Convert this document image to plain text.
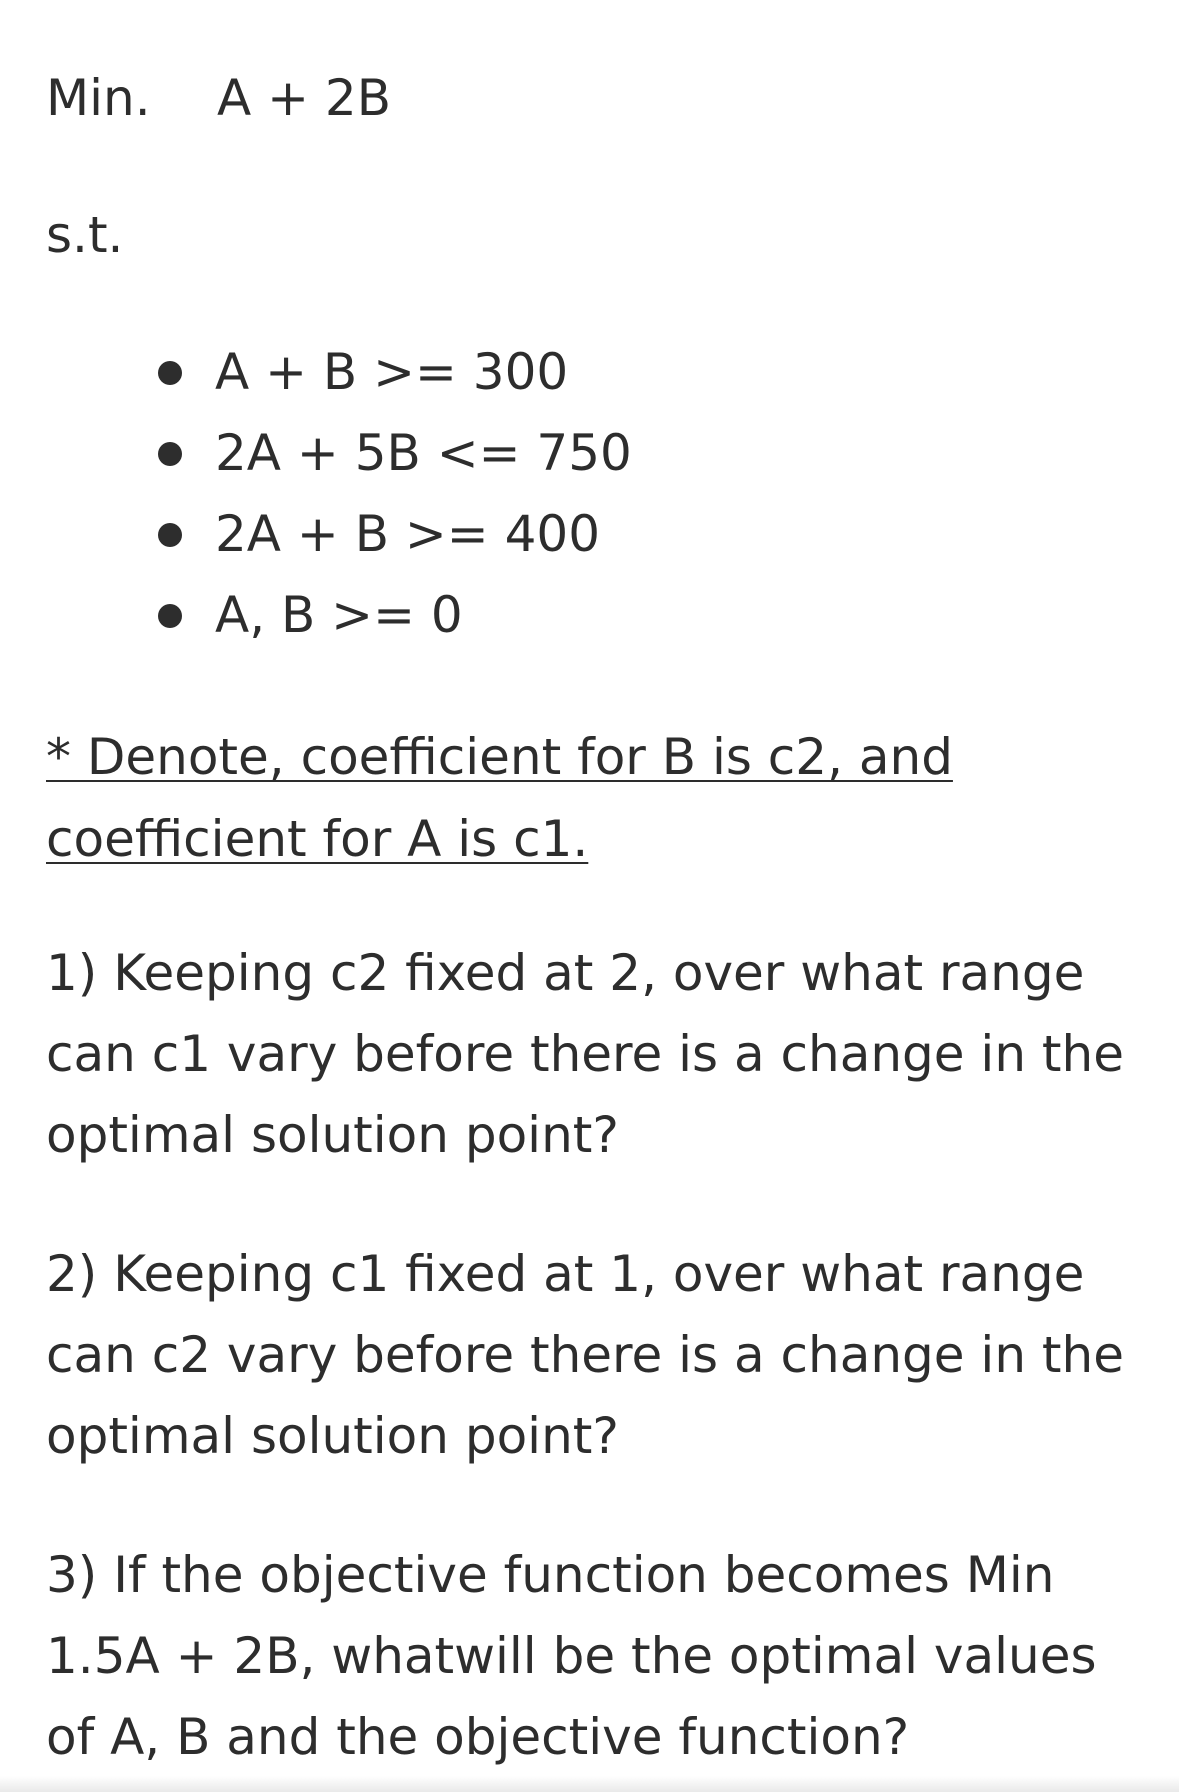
Min. A + 2B
s.t.
A + B >= 300
2A + 5B <= 750
2A + B >= 400
A, B >= 0
* Denote, coefficient for B is c2, and
coefficient for A is c1.
1) Keeping c2 fixed at 2, over what range
can c1 vary before there is a change in the
optimal solution point?
2) Keeping c1 fixed at 1, over what range
can c2 vary before there is a change in the
optimal solution point?
3) If the objective function becomes Min
1.5A + 2B, whatwill be the optimal values
of A, B and the objective function?
